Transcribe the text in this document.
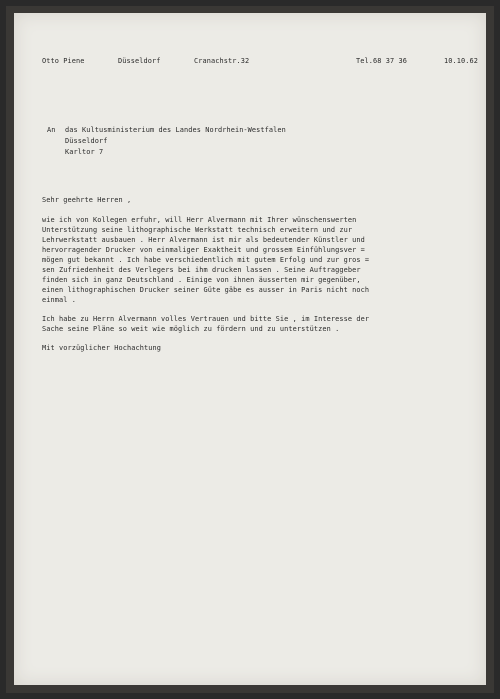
Otto Piene	Düsseldorf	Cranachstr.32	Tel.68 37 36	10.10.62
An das Kultusministerium des Landes Nordrhein-Westfalen
Düsseldorf
Karltor 7
Sehr geehrte Herren ,
wie ich von Kollegen erfuhr, will Herr Alvermann mit Ihrer wünschenswerten
Unterstützung seine lithographische Werkstatt technisch erweitern und zur
Lehrwerkstatt ausbauen . Herr Alvermann ist mir als bedeutender Künstler und
hervorragender Drucker von einmaliger Exaktheit und grossem Einfühlungsver =
mögen gut bekannt . Ich habe verschiedentlich mit gutem Erfolg und zur gros =
sen Zufriedenheit des Verlegers bei ihm drucken lassen . Seine Auftraggeber
finden sich in ganz Deutschland . Einige von ihnen äusserten mir gegenüber,
einen lithographischen Drucker seiner Güte gäbe es ausser in Paris nicht noch
einmal .
Ich habe zu Herrn Alvermann volles Vertrauen und bitte Sie , im Interesse der
Sache seine Pläne so weit wie möglich zu fördern und zu unterstützen .
Mit vorzüglicher Hochachtung
